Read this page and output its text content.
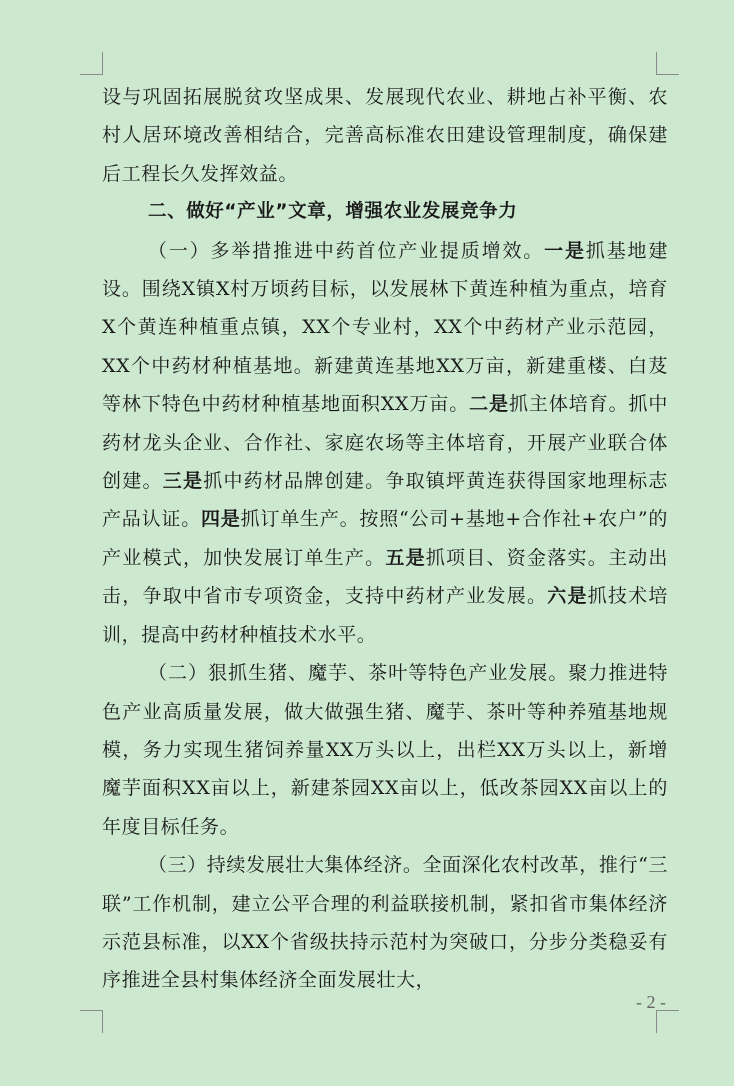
设与巩固拓展脱贫攻坚成果、发展现代农业、耕地占补平衡、农村人居环境改善相结合，完善高标准农田建设管理制度，确保建后工程长久发挥效益。

二、做好“产业”文章，增强农业发展竞争力

（一）多举措推进中药首位产业提质增效。一是抓基地建设。围绕X镇X村万顷药目标，以发展林下黄连种植为重点，培育X个黄连种植重点镇，XX个专业村，XX个中药材产业示范园，XX个中药材种植基地。新建黄连基地XX万亩，新建重楼、白芨等林下特色中药材种植基地面积XX万亩。二是抓主体培育。抓中药材龙头企业、合作社、家庭农场等主体培育，开展产业联合体创建。三是抓中药材品牌创建。争取镇坪黄连获得国家地理标志产品认证。四是抓订单生产。按照“公司+基地+合作社+农户”的产业模式，加快发展订单生产。五是抓项目、资金落实。主动出击，争取中省市专项资金，支持中药材产业发展。六是抓技术培训，提高中药材种植技术水平。

（二）狠抓生猪、魔芋、茶叶等特色产业发展。聚力推进特色产业高质量发展，做大做强生猪、魔芋、茶叶等种养殖基地规模，务力实现生猪饲养量XX万头以上，出栏XX万头以上，新增魔芋面积XX亩以上，新建茶园XX亩以上，低改茶园XX亩以上的年度目标任务。

（三）持续发展壮大集体经济。全面深化农村改革，推行“三联”工作机制，建立公平合理的利益联接机制，紧扣省市集体经济示范县标准，以XX个省级扶持示范村为突破口，分步分类稳妥有序推进全县村集体经济全面发展壮大，

- 2 -
